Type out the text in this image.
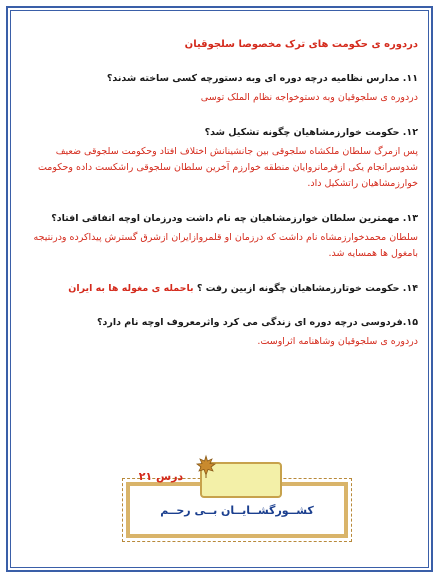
دردوره ی حکومت های ترک مخصوصا سلجوقیان
۱۱. مدارس نظامیه درچه دوره ای وبه دستورچه کسی ساخته شدند؟
دردوره ی سلجوقیان وبه دستوخواجه نظام الملک توسی
۱۲. حکومت خوارزمشاهیان چگونه تشکیل شد؟
پس ازمرگ سلطان ملکشاه سلجوقی بین جانشینانش اختلاف افتاد وحکومت سلجوقی ضعیف شدوسرانجام یکی ازفرمانروایان منطقه خوارزم آخرین سلطان سلجوقی راشکست داده وحکومت خوارزمشاهیان راتشکیل داد.
۱۳. مهمترین سلطان خوارزمشاهیان چه نام داشت ودرزمان اوچه اتفاقی افتاد؟
سلطان محمدخوارزمشاه نام داشت که درزمان او قلمروازایران ازشرق گسترش پیداکرده ودرنتیجه بامغول ها همسایه شد.
۱۴. حکومت خوتارزمشاهیان چگونه ازبین رفت ؟ باحمله ی مغوله ها به ایران
۱۵.فردوسی درچه دوره ای زندگی می کرد واثرمعروف اوچه نام دارد؟
دردوره ی سلجوقیان وشاهنامه اثراوست.
درس ۲۱
کشــورگشــایــان بــی رحــم
